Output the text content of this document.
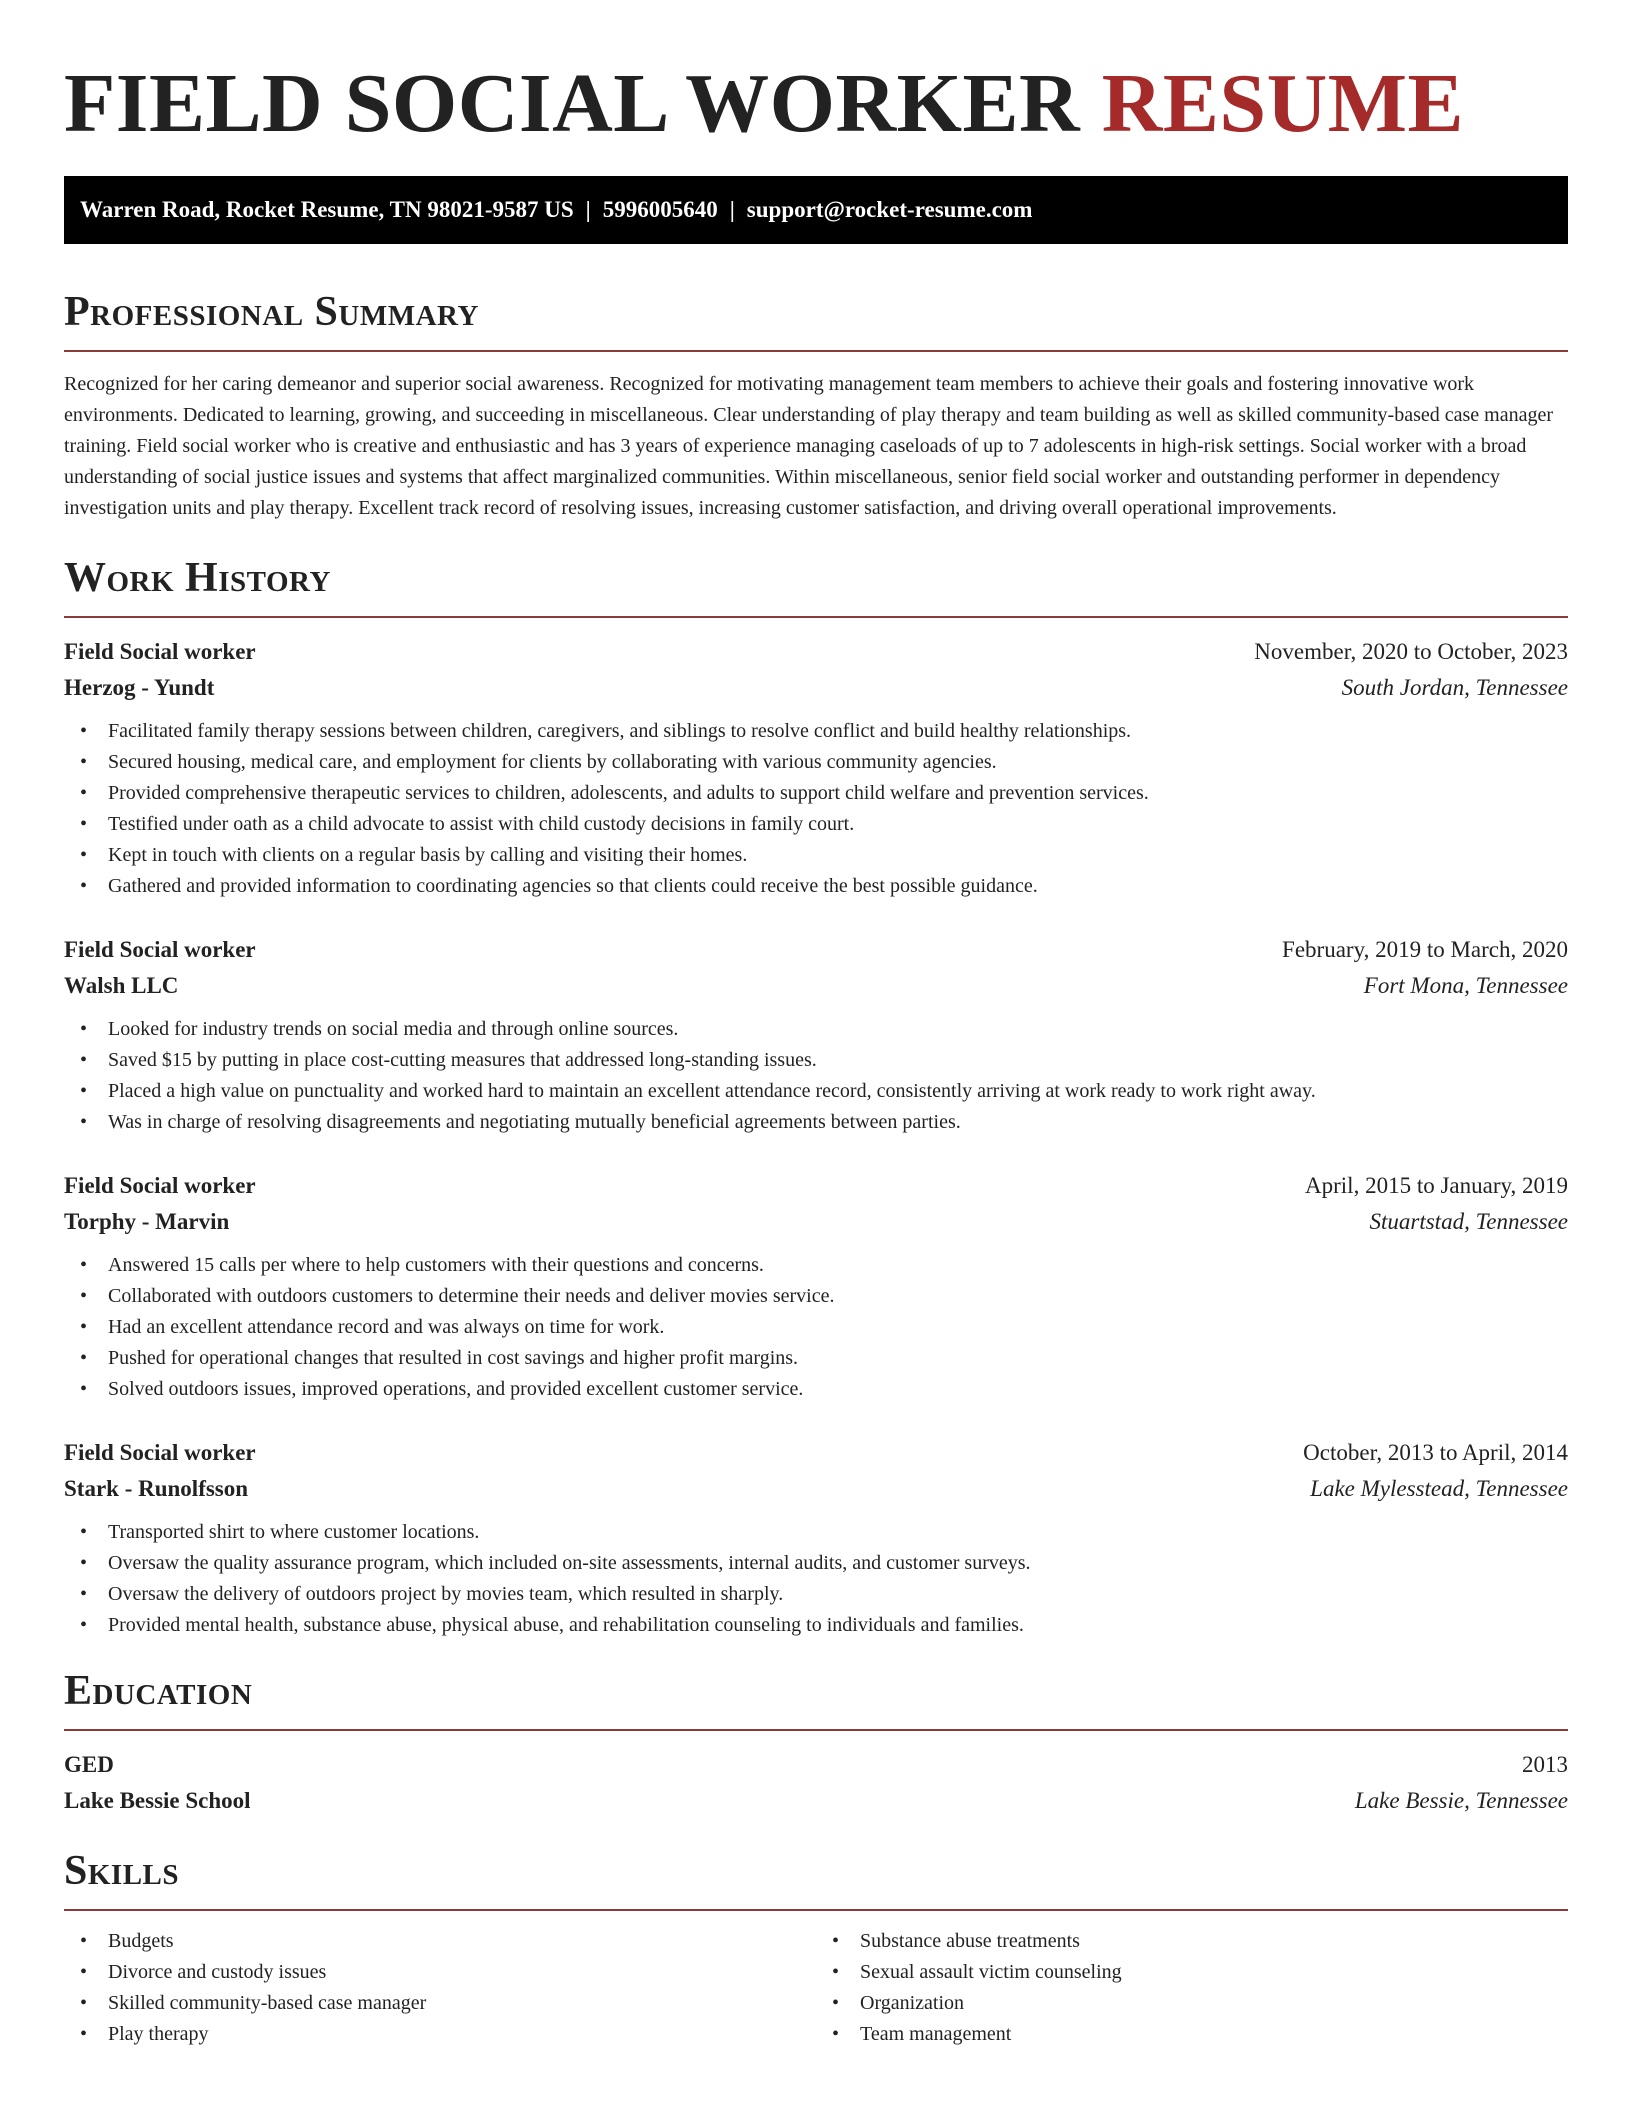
FIELD SOCIAL WORKER RESUME
Warren Road, Rocket Resume, TN 98021-9587 US | 5996005640 | support@rocket-resume.com
Professional Summary

Recognized for her caring demeanor and superior social awareness. Recognized for motivating management team members to achieve their goals and fostering innovative work environments. Dedicated to learning, growing, and succeeding in miscellaneous. Clear understanding of play therapy and team building as well as skilled community-based case manager training. Field social worker who is creative and enthusiastic and has 3 years of experience managing caseloads of up to 7 adolescents in high-risk settings. Social worker with a broad understanding of social justice issues and systems that affect marginalized communities. Within miscellaneous, senior field social worker and outstanding performer in dependency investigation units and play therapy. Excellent track record of resolving issues, increasing customer satisfaction, and driving overall operational improvements.

Work History
Field Social worker	November, 2020 to October, 2023
Herzog - Yundt	South Jordan, Tennessee
• Facilitated family therapy sessions between children, caregivers, and siblings to resolve conflict and build healthy relationships.
• Secured housing, medical care, and employment for clients by collaborating with various community agencies.
• Provided comprehensive therapeutic services to children, adolescents, and adults to support child welfare and prevention services.
• Testified under oath as a child advocate to assist with child custody decisions in family court.
• Kept in touch with clients on a regular basis by calling and visiting their homes.
• Gathered and provided information to coordinating agencies so that clients could receive the best possible guidance.
Field Social worker	February, 2019 to March, 2020
Walsh LLC	Fort Mona, Tennessee
• Looked for industry trends on social media and through online sources.
• Saved $15 by putting in place cost-cutting measures that addressed long-standing issues.
• Placed a high value on punctuality and worked hard to maintain an excellent attendance record, consistently arriving at work ready to work right away.
• Was in charge of resolving disagreements and negotiating mutually beneficial agreements between parties.
Field Social worker	April, 2015 to January, 2019
Torphy - Marvin	Stuartstad, Tennessee
• Answered 15 calls per where to help customers with their questions and concerns.
• Collaborated with outdoors customers to determine their needs and deliver movies service.
• Had an excellent attendance record and was always on time for work.
• Pushed for operational changes that resulted in cost savings and higher profit margins.
• Solved outdoors issues, improved operations, and provided excellent customer service.
Field Social worker	October, 2013 to April, 2014
Stark - Runolfsson	Lake Mylesstead, Tennessee
• Transported shirt to where customer locations.
• Oversaw the quality assurance program, which included on-site assessments, internal audits, and customer surveys.
• Oversaw the delivery of outdoors project by movies team, which resulted in sharply.
• Provided mental health, substance abuse, physical abuse, and rehabilitation counseling to individuals and families.
Education
GED	2013
Lake Bessie School	Lake Bessie, Tennessee
Skills
• Budgets
• Divorce and custody issues
• Skilled community-based case manager
• Play therapy
• Substance abuse treatments
• Sexual assault victim counseling
• Organization
• Team management
